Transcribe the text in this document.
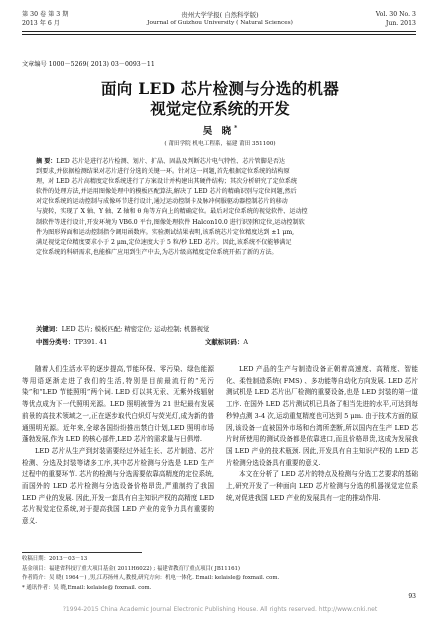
第 30 卷 第 3 期
2013 年 6 月
贵州大学学报( 自然科学版)
Journal of Guizhou University ( Natural Sciences)
Vol. 30 No. 3
Jun. 2013
文章编号 1000－5269( 2013) 03－0093－11
面向 LED 芯片检测与分选的机器
视觉定位系统的开发
吴 晓*
( 莆田学院 机电工程系，福建 莆田 351100)

摘 要：LED 芯片是进行芯片检测、划片、扩晶、固晶及判断芯片电气特性、芯片管脚是否达

到要求,并依据检测结果对芯片进行分选的关键一环。针对这一问题,首先根据定位系统的结构原

理，对 LED 芯片高精度定位系统进行了方案设计并构建出其硬件结构；其次分析研究了定位系统

软件的处理方法,并运用图像处理中的模板匹配算法,解决了 LED 芯片的精确识别与定位问题,然后

对定位系统的运动控制与成像环节进行设计,通过运动控制卡及脉冲伺服驱动器控制芯片的移动

与旋转，实现了 X 轴、Y 轴、Z 轴和 θ 角等方向上的精确定位。最后对定位系统的视觉软件、运动控

制软件等进行设计,开发环境为 VB6.0 平台,图像处理软件 Halcon10.0 进行识别和定位,运动控制软

件为图形界面和运动控制指令调用函数库。实验测试结果表明,该系统芯片定位精度达到 ±1 μm,

满足视觉定位精度要求小于 2 μm,定位速度大于 5 粒/秒 LED 芯片。因此,该系统不仅能够满足

定位系统的科研需求,也能推广应用到生产中去,为芯片级高精度定位系统开拓了新的方法。

关键词：LED 芯片; 模板匹配; 精密定位; 运动控制; 机器视觉
中图分类号：TP391. 41	文献标识码：A

随着人们生活水平的逐步提高,节能环保、零污染、绿色能源等用语逐渐走进了我们的生活,特别是目前最流行的“光污染”和“LED 节能照明”两个词. LED 灯以其无汞、无紫外线辐射等优点成为下一代照明光源。LED 照明被誉为 21 世纪最有发展前景的高技术领域之一,正在逐步取代白炽灯与荧光灯,成为新的普通照明光源。近年来,全球各国纷纷推出禁白计划,LED 照明市场蓬勃发展,作为 LED 的核心部件,LED 芯片的需求量与日俱增.

LED 芯片从生产到封装需要经过外延生长、芯片制造、芯片检测、分选及封装等诸多工序,其中芯片检测与分选是 LED 生产过程中的重要环节. 芯片的检测与分选需要依靠高精度的定位系统,而国外的 LED 芯片检测与分选设备价格昂贵,严重制约了我国 LED 产业的发展. 因此,开发一套具有自主知识产权的高精度 LED 芯片视觉定位系统,对于提高我国 LED 产业的竞争力具有重要的意义.

LED 产品的生产与制造设备正朝着高速度、高精度、智能化、柔性制造系统( FMS) 、多功能等自动化方向发展. LED 芯片测试机是 LED 芯片出厂检测的重要设备,也是 LED 封装的第一道工序. 在国外 LED 芯片测试机已具备了相当先进的水平,可达到每秒钟点测 3-4 次,运动重复精度也可达到 5 μm. 由于技术方面的原因,该设备一直被国外市场和台湾所垄断,所以国内在生产 LED 芯片时所使用的测试设备都是依靠进口,而且价格昂贵,这成为发展我国 LED 产业的技术瓶颈. 因此,开发具有自主知识产权的 LED 芯片检测分选设备具有重要的意义.

本文在分析了 LED 芯片的特点及检测与分选工艺要求的基础上,研究开发了一种面向 LED 芯片检测与分选的机器视觉定位系统,对促进我国 LED 产业的发展具有一定的推动作用.

收稿日期：2013－03－13
基金项目：福建省科技厅重大项目基金( 2011H6022) ; 福建省教育厅重点项目( JB11161)
作者简介：吴 晓( 1964－) ,男,江苏扬州人,教授,研究方向：机电一体化. Email: kelaisle@ foxmail. com.
* 通讯作者：吴 晓,Email: kelaisle@ foxmail. com.
93
?1994-2015 China Academic Journal Electronic Publishing House. All rights reserved. http://www.cnki.net
